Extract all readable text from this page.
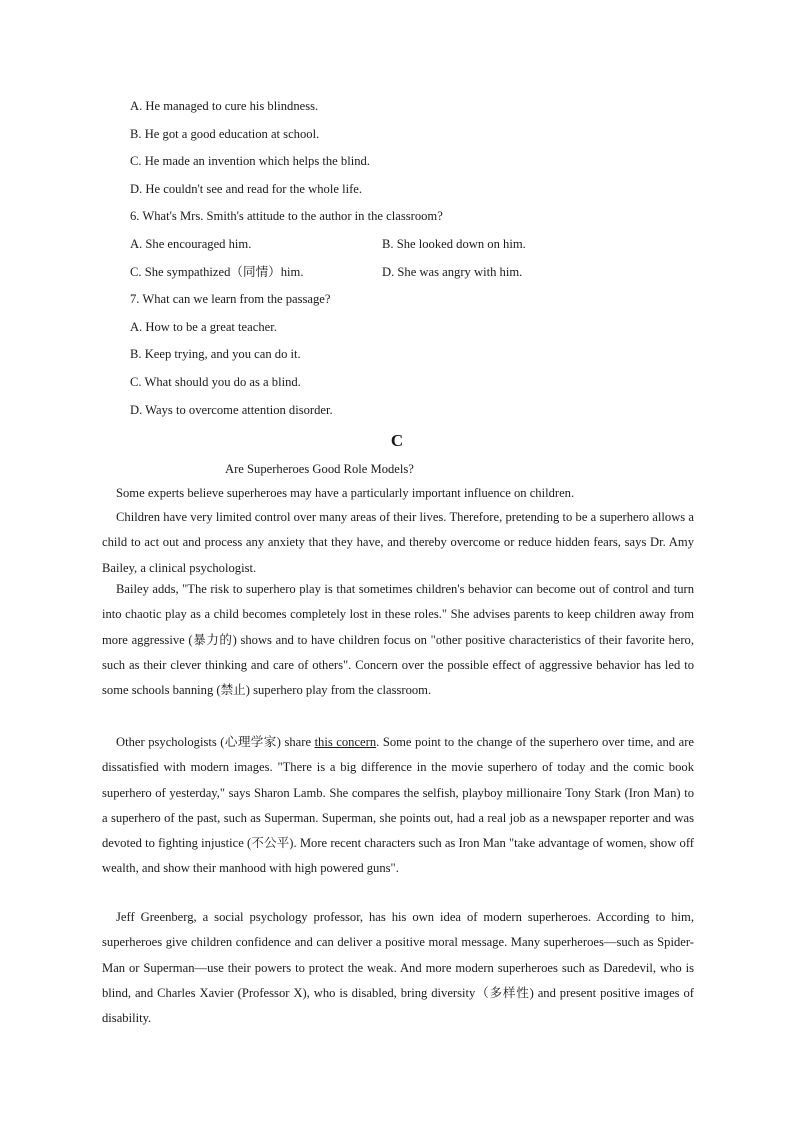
A. He managed to cure his blindness.
B. He got a good education at school.
C. He made an invention which helps the blind.
D. He couldn't see and read for the whole life.
6. What's Mrs. Smith's attitude to the author in the classroom?
A. She encouraged him.	B. She looked down on him.
C. She sympathized（同情）him.	D. She was angry with him.
7. What can we learn from the passage?
A. How to be a great teacher.
B. Keep trying, and you can do it.
C. What should you do as a blind.
D. Ways to overcome attention disorder.
C
Are Superheroes Good Role Models?
Some experts believe superheroes may have a particularly important influence on children.
Children have very limited control over many areas of their lives. Therefore, pretending to be a superhero allows a child to act out and process any anxiety that they have, and thereby overcome or reduce hidden fears, says Dr. Amy Bailey, a clinical psychologist.
Bailey adds, "The risk to superhero play is that sometimes children's behavior can become out of control and turn into chaotic play as a child becomes completely lost in these roles." She advises parents to keep children away from more aggressive (暴力的) shows and to have children focus on "other positive characteristics of their favorite hero, such as their clever thinking and care of others". Concern over the possible effect of aggressive behavior has led to some schools banning (禁止) superhero play from the classroom.
Other psychologists (心理学家) share this concern. Some point to the change of the superhero over time, and are dissatisfied with modern images. "There is a big difference in the movie superhero of today and the comic book superhero of yesterday," says Sharon Lamb. She compares the selfish, playboy millionaire Tony Stark (Iron Man) to a superhero of the past, such as Superman. Superman, she points out, had a real job as a newspaper reporter and was devoted to fighting injustice (不公平). More recent characters such as Iron Man "take advantage of women, show off wealth, and show their manhood with high powered guns".
Jeff Greenberg, a social psychology professor, has his own idea of modern superheroes. According to him, superheroes give children confidence and can deliver a positive moral message. Many superheroes—such as Spider-Man or Superman—use their powers to protect the weak. And more modern superheroes such as Daredevil, who is blind, and Charles Xavier (Professor X), who is disabled, bring diversity（多样性) and present positive images of disability.
